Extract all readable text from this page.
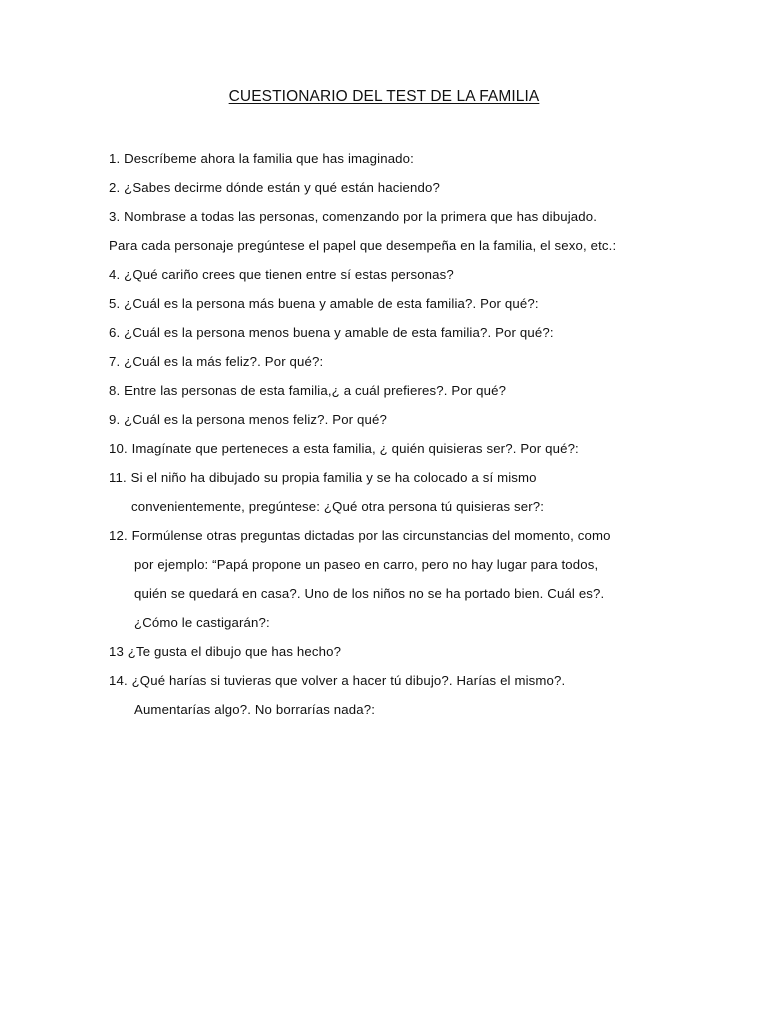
CUESTIONARIO DEL TEST DE LA FAMILIA
1. Descríbeme ahora la familia que has imaginado:
2. ¿Sabes decirme dónde están y qué están haciendo?
3. Nombrase a todas las personas, comenzando por la primera que has dibujado.
Para cada personaje pregúntese el papel que desempeña en la familia, el sexo, etc.:
4. ¿Qué cariño crees que tienen entre sí estas personas?
5. ¿Cuál es la persona más buena y amable de esta familia?. Por qué?:
6. ¿Cuál es la persona menos buena y amable de esta familia?. Por qué?:
7. ¿Cuál es la más feliz?. Por qué?:
8. Entre las personas de esta familia,¿ a cuál prefieres?. Por qué?
9. ¿Cuál es la persona menos feliz?. Por qué?
10. Imagínate que perteneces a esta familia, ¿ quién quisieras ser?. Por qué?:
11. Si el niño ha dibujado su propia familia y se ha colocado a sí mismo
convenientemente, pregúntese: ¿Qué otra persona tú quisieras ser?:
12. Formúlense otras preguntas dictadas por las circunstancias del momento, como
por ejemplo: “Papá propone un paseo en carro, pero no hay lugar para todos,
quién se quedará en casa?. Uno de los niños no se ha portado bien. Cuál es?.
¿Cómo le castigarán?:
13 ¿Te gusta el dibujo que has hecho?
14. ¿Qué harías si tuvieras que volver a hacer tú dibujo?. Harías el mismo?.
Aumentarías algo?. No borrarías nada?:
